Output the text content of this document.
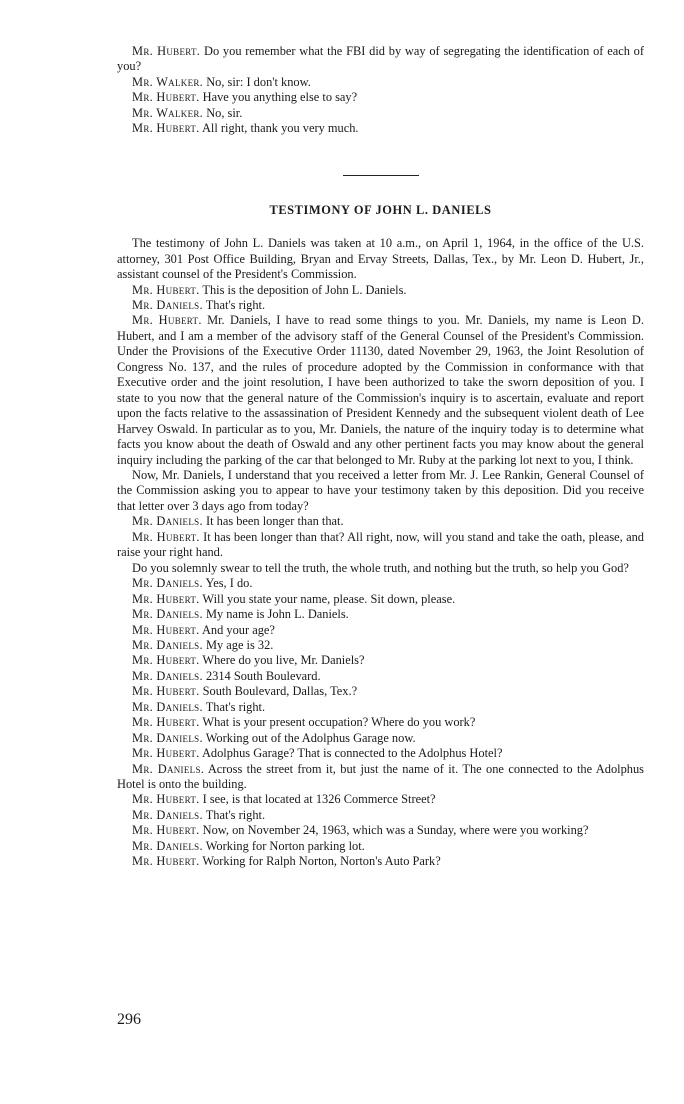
Mr. Hubert. Do you remember what the FBI did by way of segregating the identification of each of you?

Mr. Walker. No, sir: I don't know.

Mr. Hubert. Have you anything else to say?

Mr. Walker. No, sir.

Mr. Hubert. All right, thank you very much.

TESTIMONY OF JOHN L. DANIELS

The testimony of John L. Daniels was taken at 10 a.m., on April 1, 1964, in the office of the U.S. attorney, 301 Post Office Building, Bryan and Ervay Streets, Dallas, Tex., by Mr. Leon D. Hubert, Jr., assistant counsel of the President's Commission.

Mr. Hubert. This is the deposition of John L. Daniels.

Mr. Daniels. That's right.

Mr. Hubert. Mr. Daniels, I have to read some things to you. Mr. Daniels, my name is Leon D. Hubert, and I am a member of the advisory staff of the General Counsel of the President's Commission. Under the Provisions of the Executive Order 11130, dated November 29, 1963, the Joint Resolution of Congress No. 137, and the rules of procedure adopted by the Commission in conformance with that Executive order and the joint resolution, I have been authorized to take the sworn deposition of you. I state to you now that the general nature of the Commission's inquiry is to ascertain, evaluate and report upon the facts relative to the assassination of President Kennedy and the subsequent violent death of Lee Harvey Oswald. In particular as to you, Mr. Daniels, the nature of the inquiry today is to determine what facts you know about the death of Oswald and any other pertinent facts you may know about the general inquiry including the parking of the car that belonged to Mr. Ruby at the parking lot next to you, I think.

Now, Mr. Daniels, I understand that you received a letter from Mr. J. Lee Rankin, General Counsel of the Commission asking you to appear to have your testimony taken by this deposition. Did you receive that letter over 3 days ago from today?

Mr. Daniels. It has been longer than that.

Mr. Hubert. It has been longer than that? All right, now, will you stand and take the oath, please, and raise your right hand.

Do you solemnly swear to tell the truth, the whole truth, and nothing but the truth, so help you God?

Mr. Daniels. Yes, I do.

Mr. Hubert. Will you state your name, please. Sit down, please.

Mr. Daniels. My name is John L. Daniels.

Mr. Hubert. And your age?

Mr. Daniels. My age is 32.

Mr. Hubert. Where do you live, Mr. Daniels?

Mr. Daniels. 2314 South Boulevard.

Mr. Hubert. South Boulevard, Dallas, Tex.?

Mr. Daniels. That's right.

Mr. Hubert. What is your present occupation? Where do you work?

Mr. Daniels. Working out of the Adolphus Garage now.

Mr. Hubert. Adolphus Garage? That is connected to the Adolphus Hotel?

Mr. Daniels. Across the street from it, but just the name of it. The one connected to the Adolphus Hotel is onto the building.

Mr. Hubert. I see, is that located at 1326 Commerce Street?

Mr. Daniels. That's right.

Mr. Hubert. Now, on November 24, 1963, which was a Sunday, where were you working?

Mr. Daniels. Working for Norton parking lot.

Mr. Hubert. Working for Ralph Norton, Norton's Auto Park?

296
